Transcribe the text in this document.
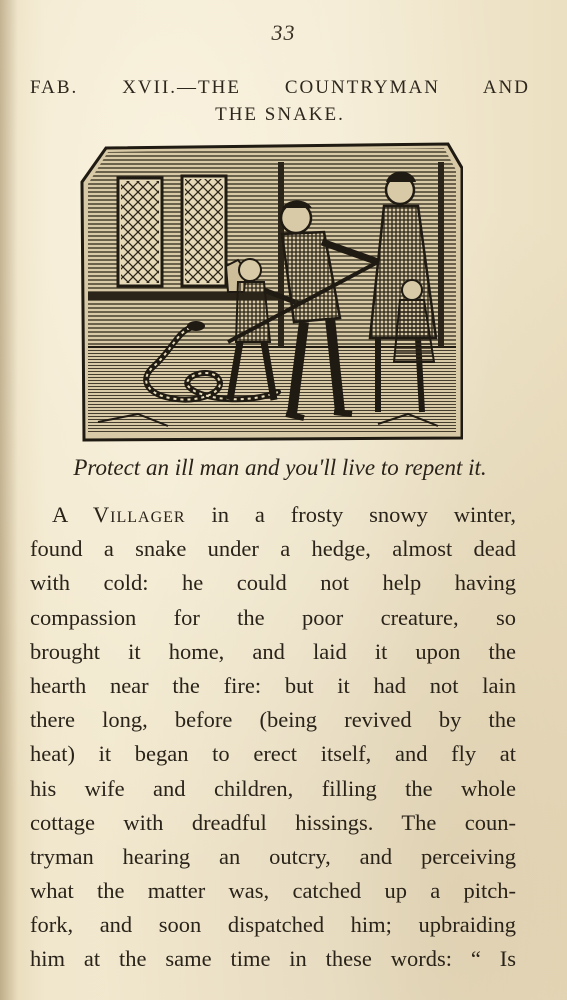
33
FAB. XVII.—THE COUNTRYMAN AND
THE SNAKE.
Protect an ill man and you'll live to repent it.
A Villager in a frosty snowy winter,
found a snake under a hedge, almost dead
with cold: he could not help having
compassion for the poor creature, so
brought it home, and laid it upon the
hearth near the fire: but it had not lain
there long, before (being revived by the
heat) it began to erect itself, and fly at
his wife and children, filling the whole
cottage with dreadful hissings. The coun-
tryman hearing an outcry, and perceiving
what the matter was, catched up a pitch-
fork, and soon dispatched him; upbraiding
him at the same time in these words: “ Is
